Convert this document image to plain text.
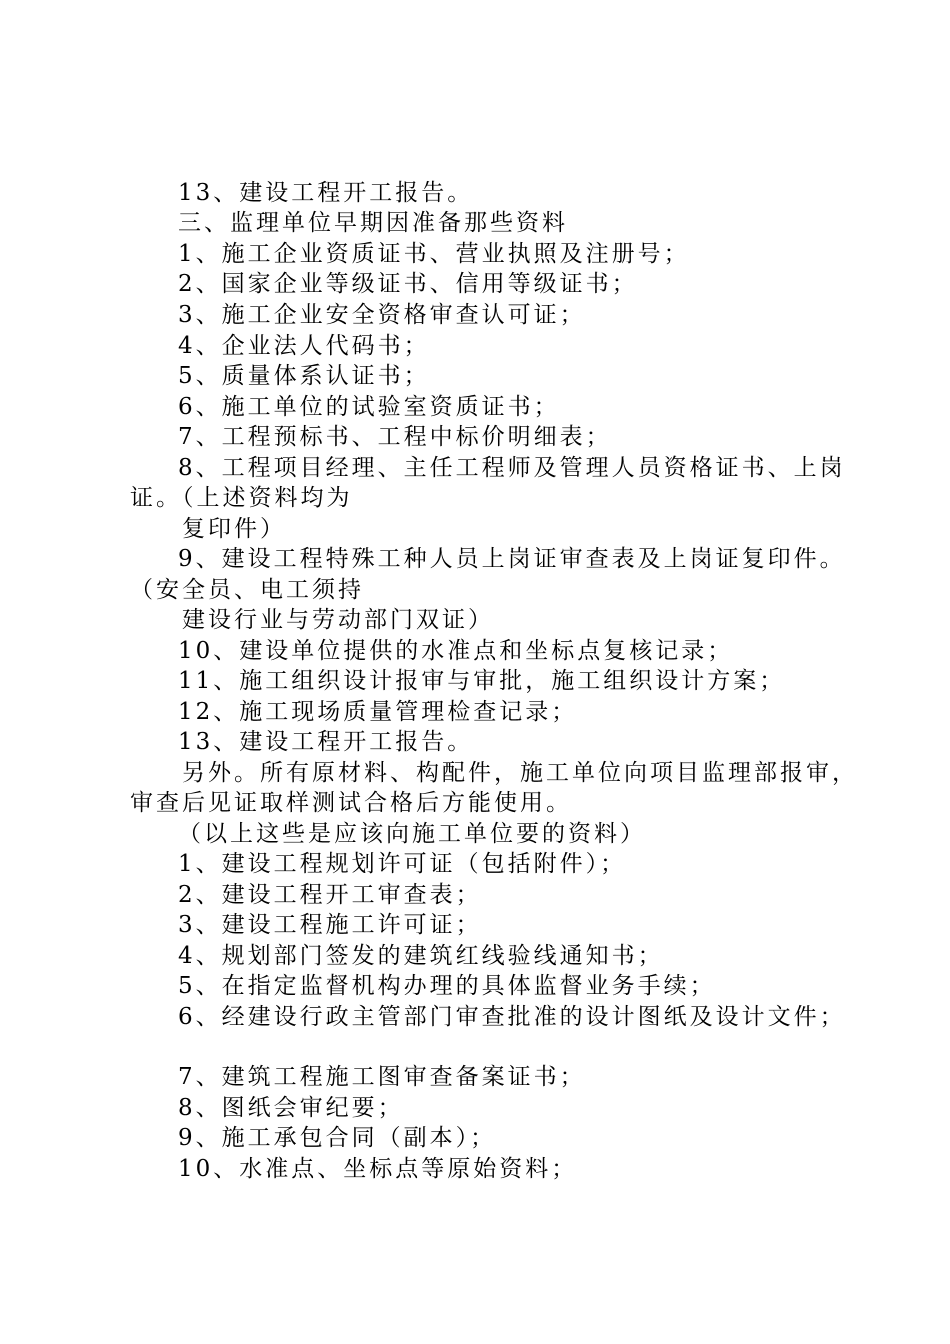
13、建设工程开工报告。
三、监理单位早期因准备那些资料
1、施工企业资质证书、营业执照及注册号；
2、国家企业等级证书、信用等级证书；
3、施工企业安全资格审查认可证；
4、企业法人代码书；
5、质量体系认证书；
6、施工单位的试验室资质证书；
7、工程预标书、工程中标价明细表；
8、工程项目经理、主任工程师及管理人员资格证书、上岗
证。（上述资料均为
复印件）
9、建设工程特殊工种人员上岗证审查表及上岗证复印件。
（安全员、电工须持
建设行业与劳动部门双证）
10、建设单位提供的水准点和坐标点复核记录；
11、施工组织设计报审与审批，施工组织设计方案；
12、施工现场质量管理检查记录；
13、建设工程开工报告。
另外。所有原材料、构配件，施工单位向项目监理部报审，
审查后见证取样测试合格后方能使用。
（以上这些是应该向施工单位要的资料）
1、建设工程规划许可证（包括附件）；
2、建设工程开工审查表；
3、建设工程施工许可证；
4、规划部门签发的建筑红线验线通知书；
5、在指定监督机构办理的具体监督业务手续；
6、经建设行政主管部门审查批准的设计图纸及设计文件；
7、建筑工程施工图审查备案证书；
8、图纸会审纪要；
9、施工承包合同（副本）；
10、水准点、坐标点等原始资料；
